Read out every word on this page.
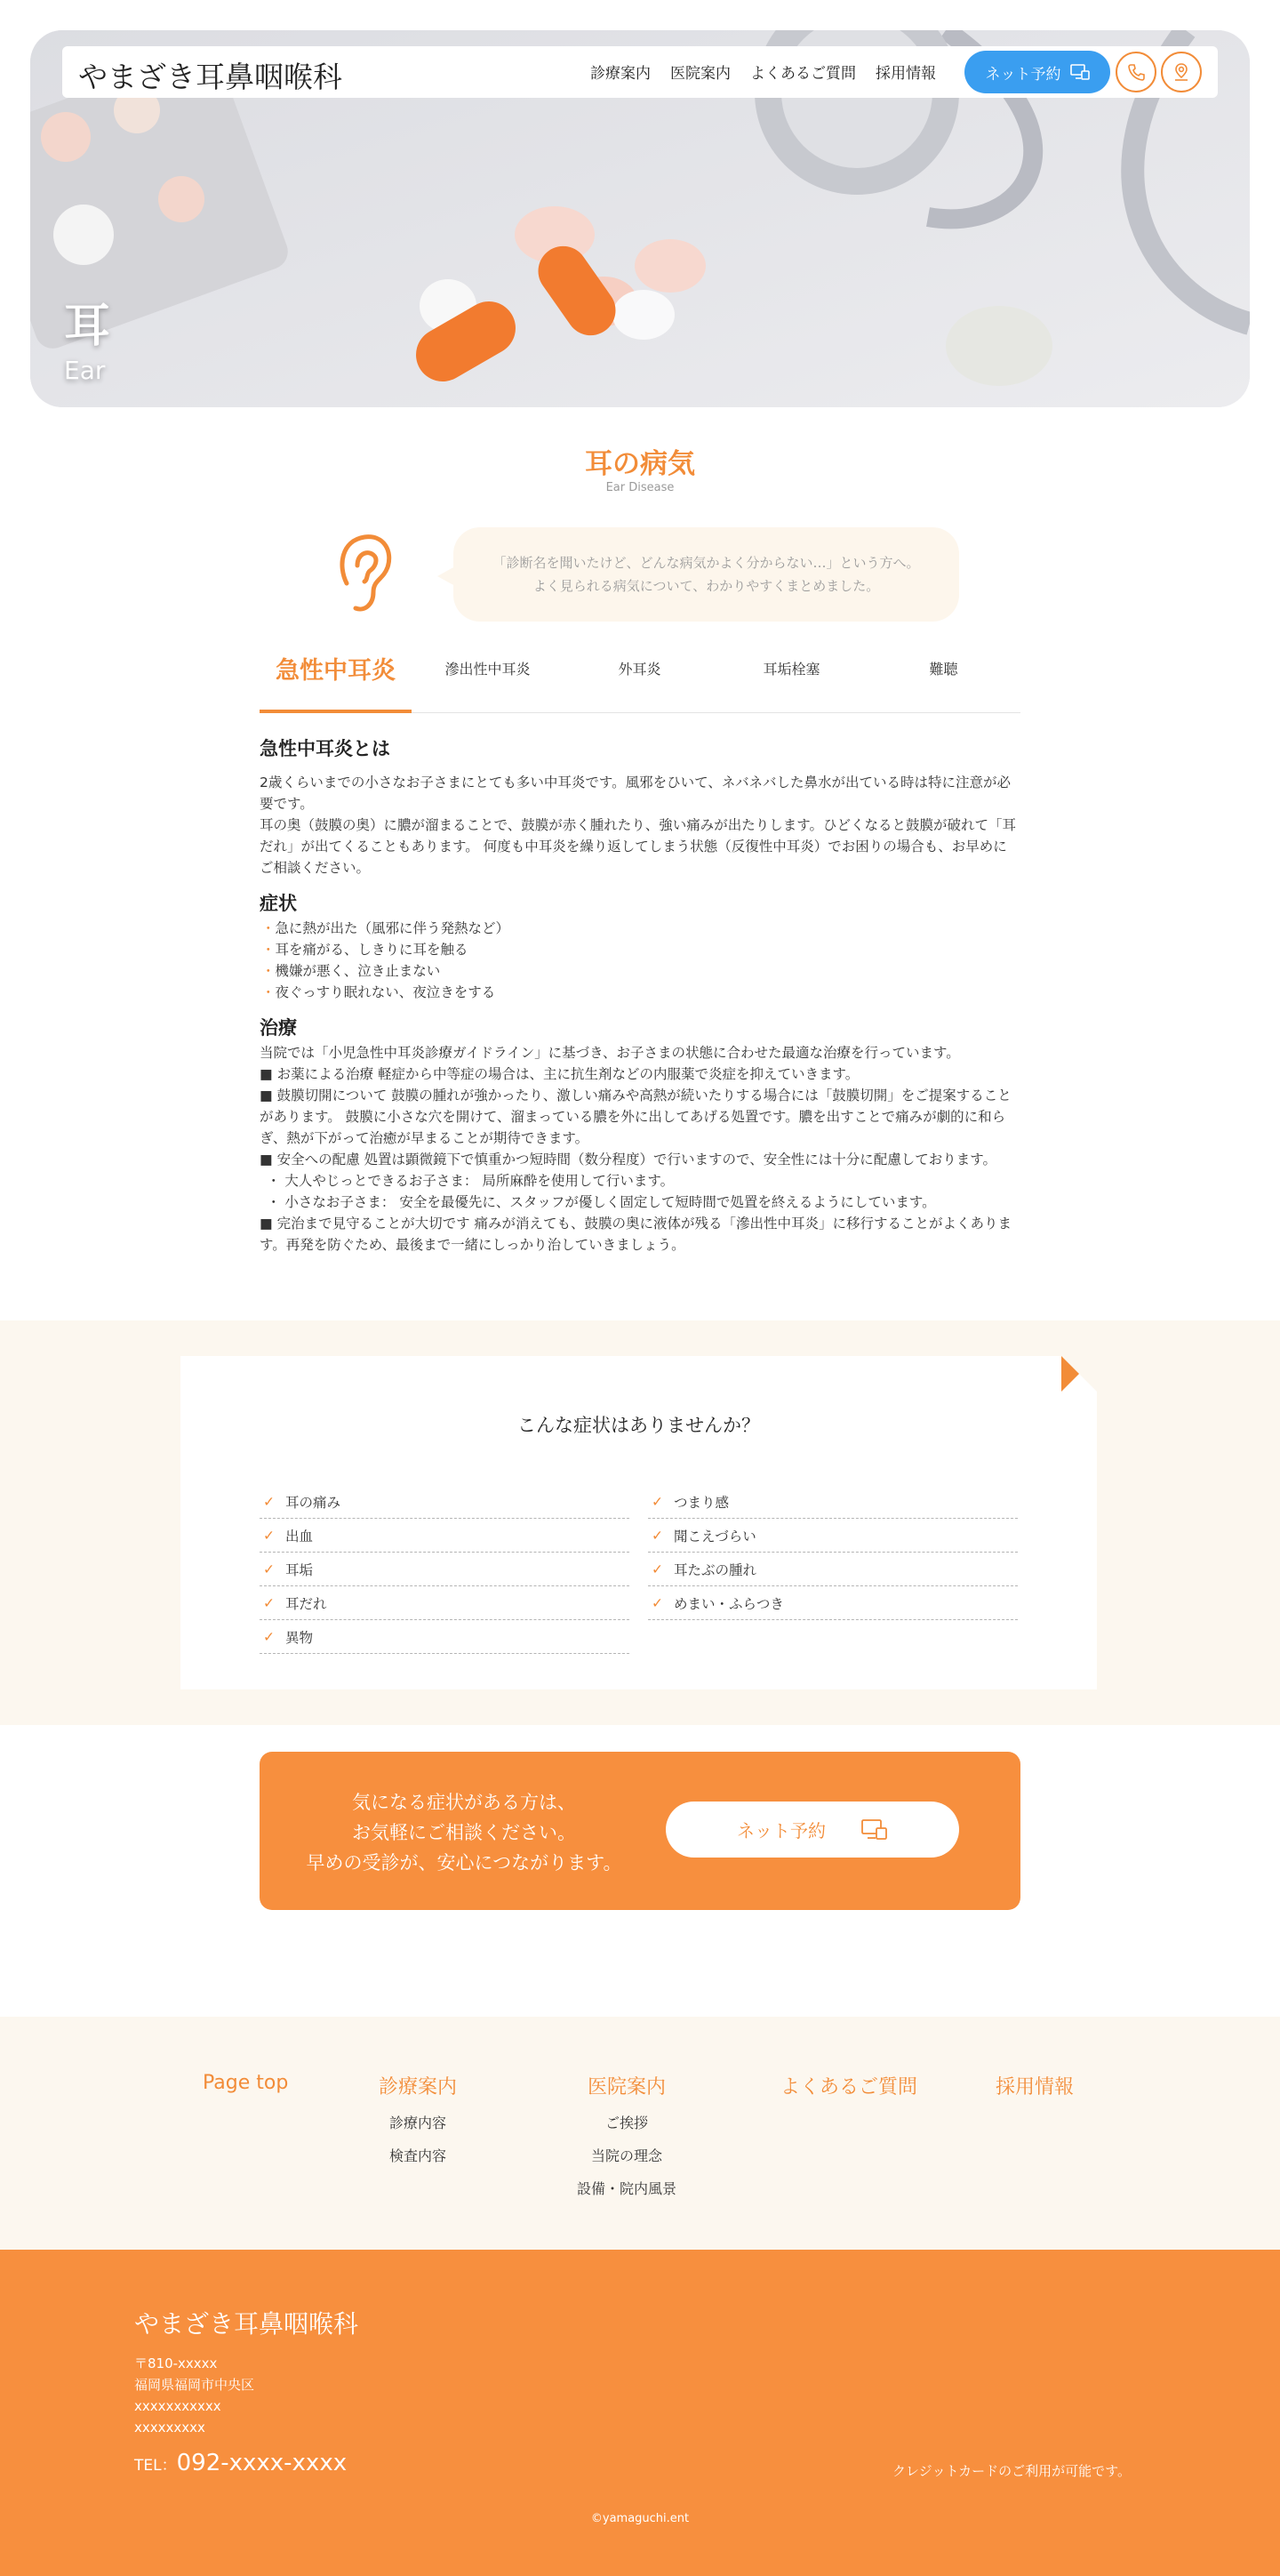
耳
Ear
やまざき耳鼻咽喉科	診療案内 医院案内 よくあるご質問 採用情報	ネット予約
耳の病気
Ear Disease
「診断名を聞いたけど、どんな病気かよく分からない…」という方へ。
よく見られる病気について、わかりやすくまとめました。
急性中耳炎	滲出性中耳炎	外耳炎	耳垢栓塞	難聴
急性中耳炎とは

2歳くらいまでの小さなお子さまにとても多い中耳炎です。風邪をひいて、ネバネバした鼻水が出ている時は特に注意が必要です。

耳の奥（鼓膜の奥）に膿が溜まることで、鼓膜が赤く腫れたり、強い痛みが出たりします。ひどくなると鼓膜が破れて「耳だれ」が出てくることもあります。 何度も中耳炎を繰り返してしまう状態（反復性中耳炎）でお困りの場合も、お早めにご相談ください。

症状
・急に熱が出た（風邪に伴う発熱など）
・耳を痛がる、しきりに耳を触る
・機嫌が悪く、泣き止まない
・夜ぐっすり眠れない、夜泣きをする
治療

当院では「小児急性中耳炎診療ガイドライン」に基づき、お子さまの状態に合わせた最適な治療を行っています。

■ お薬による治療 軽症から中等症の場合は、主に抗生剤などの内服薬で炎症を抑えていきます。

■ 鼓膜切開について 鼓膜の腫れが強かったり、激しい痛みや高熱が続いたりする場合には「鼓膜切開」をご提案することがあります。 鼓膜に小さな穴を開けて、溜まっている膿を外に出してあげる処置です。膿を出すことで痛みが劇的に和らぎ、熱が下がって治癒が早まることが期待できます。

■ 安全への配慮 処置は顕微鏡下で慎重かつ短時間（数分程度）で行いますので、安全性には十分に配慮しております。

・ 大人やじっとできるお子さま： 局所麻酔を使用して行います。

・ 小さなお子さま： 安全を最優先に、スタッフが優しく固定して短時間で処置を終えるようにしています。

■ 完治まで見守ることが大切です 痛みが消えても、鼓膜の奥に液体が残る「滲出性中耳炎」に移行することがよくあります。再発を防ぐため、最後まで一緒にしっかり治していきましょう。

こんな症状はありませんか？
✓ 耳の痛み
✓ 出血
✓ 耳垢
✓ 耳だれ
✓ 異物
✓ つまり感
✓ 聞こえづらい
✓ 耳たぶの腫れ
✓ めまい・ふらつき
気になる症状がある方は、
お気軽にご相談ください。
早めの受診が、安心につながります。
ネット予約
Page top	診療案内
診療内容
検査内容
医院案内
ご挨拶
当院の理念
設備・院内風景
よくあるご質問	採用情報
やまざき耳鼻咽喉科
〒810-xxxxx
福岡県福岡市中央区
xxxxxxxxxxx
xxxxxxxxx
TEL：092-xxxx-xxxx	クレジットカードのご利用が可能です。
©yamaguchi.ent
